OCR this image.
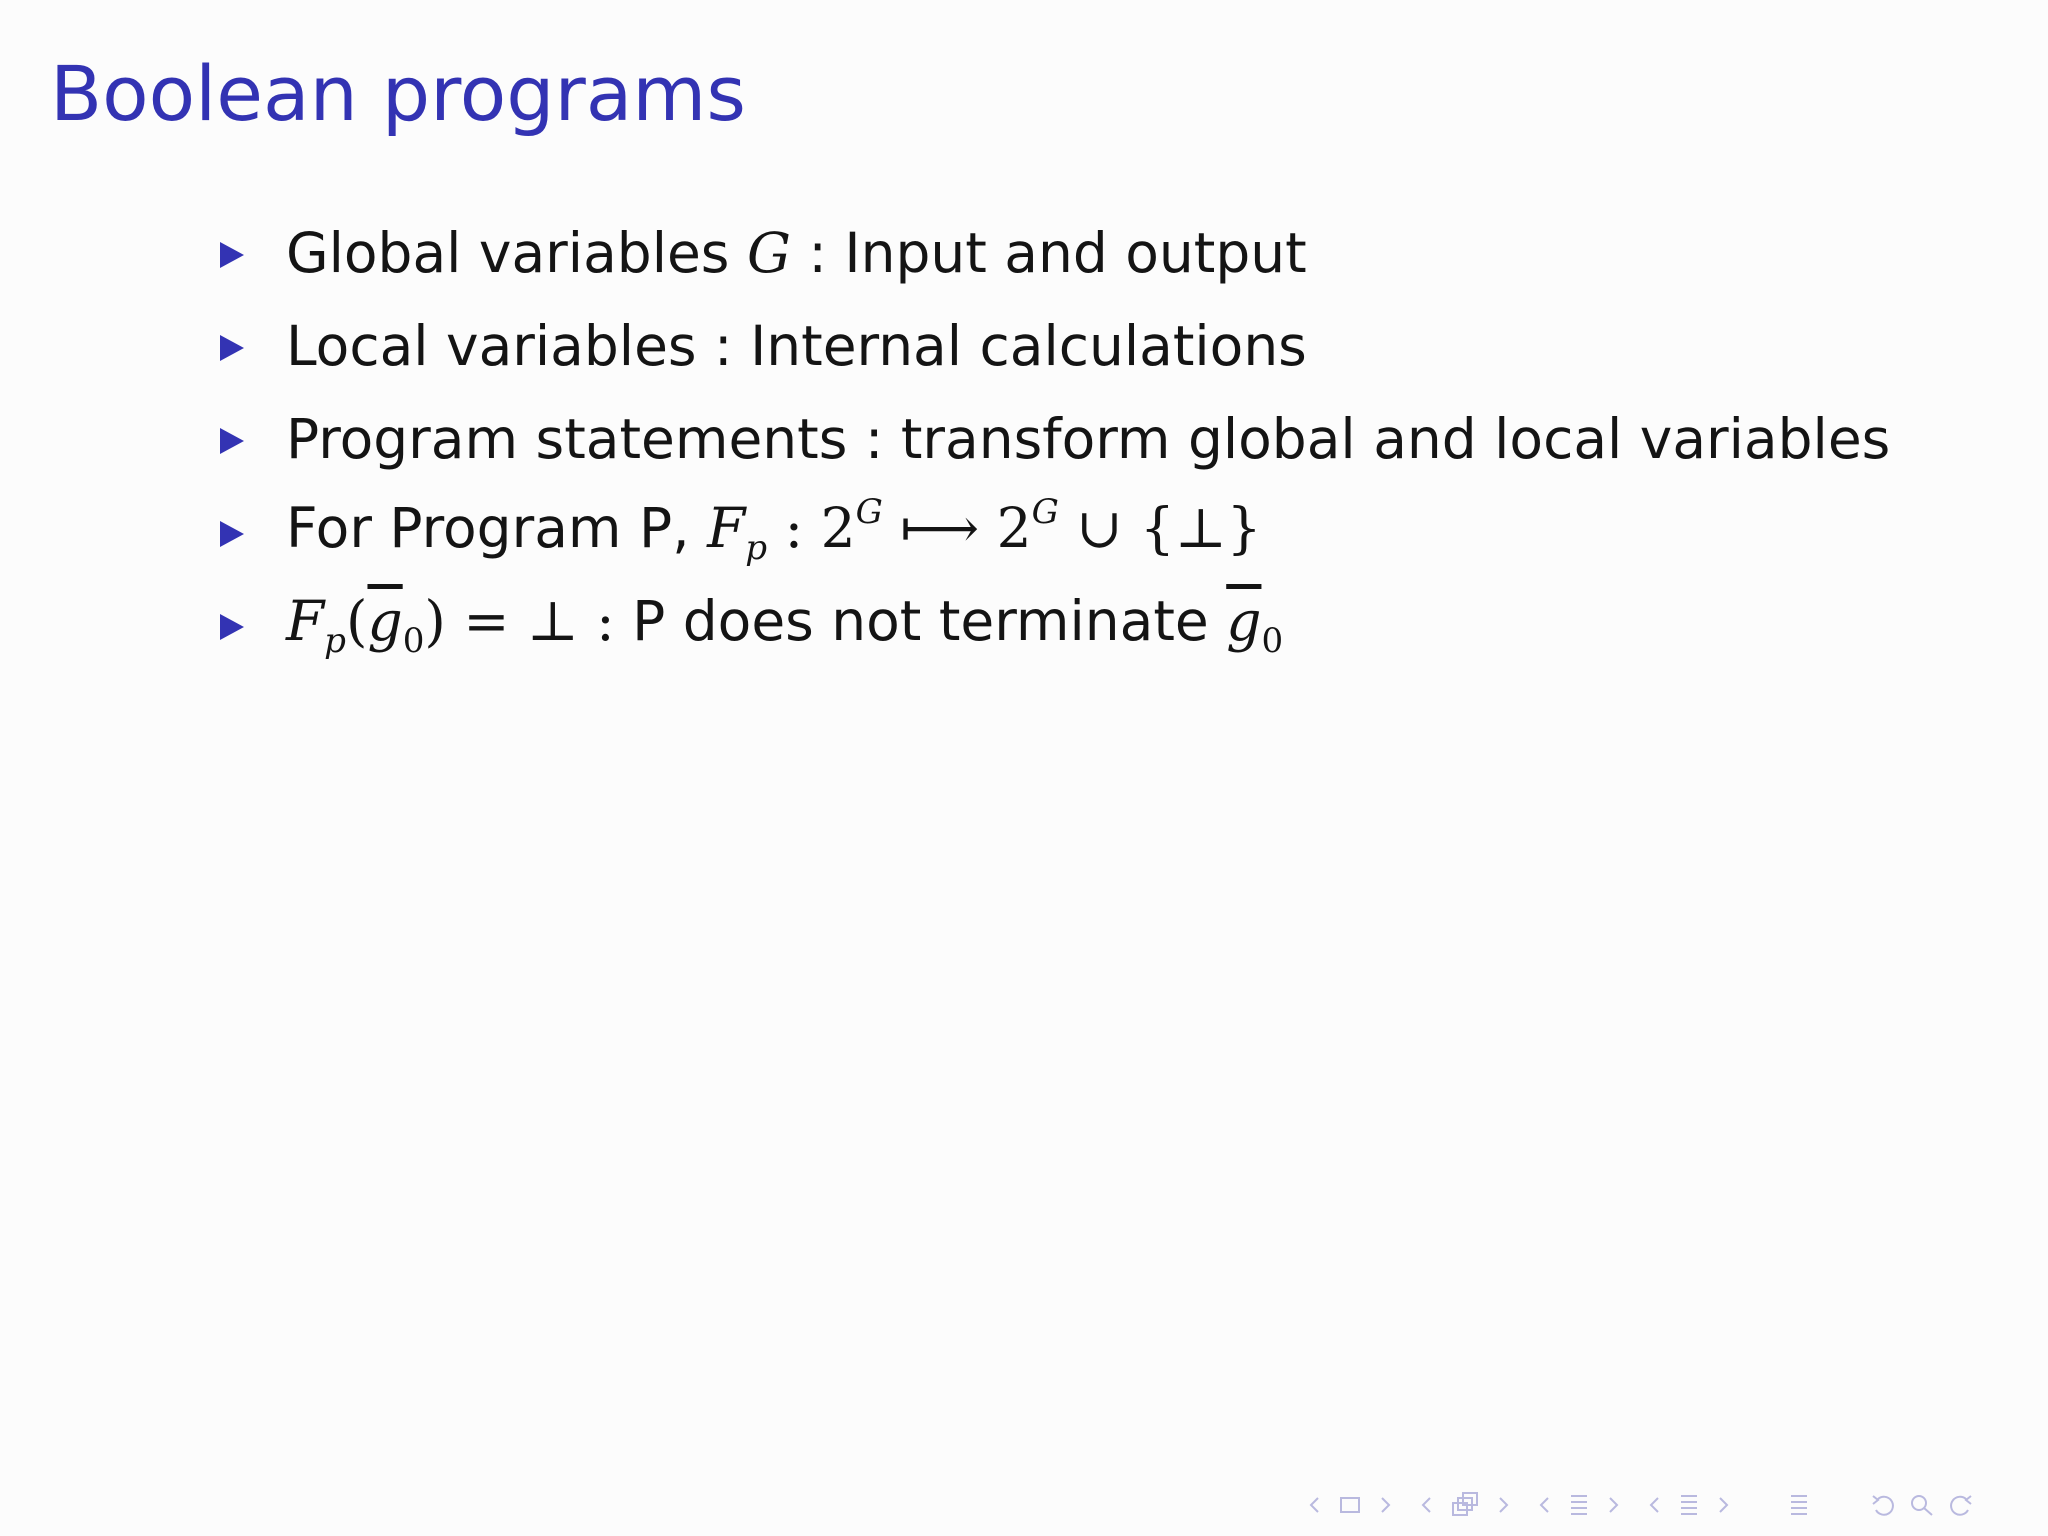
Boolean programs
Global variables G : Input and output
Local variables : Internal calculations
Program statements : transform global and local variables
For Program P, $F_p$ : $2^G$ ⟼ $2^G$ ∪ {⊥}
$F_p(\overline{g}_0)$ = ⊥ : P does not terminate $\overline{g}_0$
